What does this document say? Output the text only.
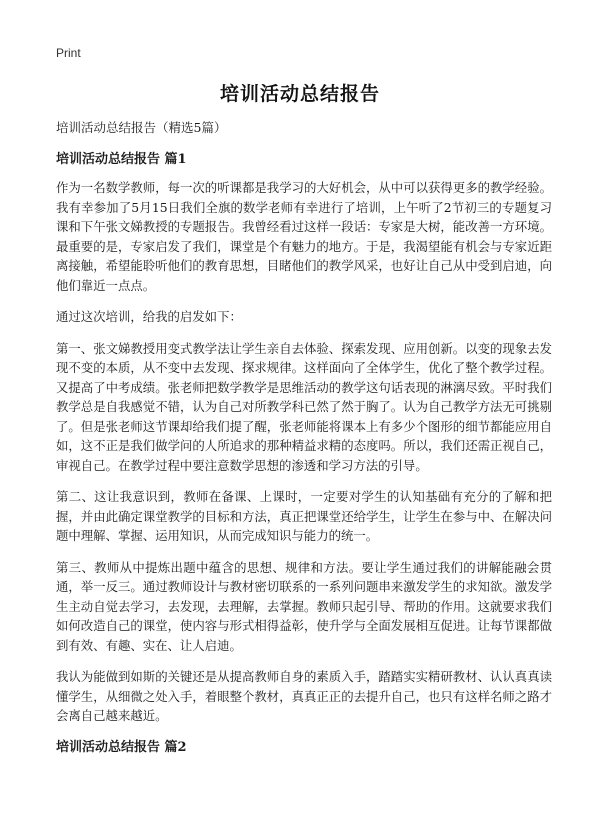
Print
培训活动总结报告

培训活动总结报告（精选5篇）

培训活动总结报告 篇1

作为一名数学教师，每一次的听课都是我学习的大好机会，从中可以获得更多的教学经验。我有幸参加了5月15日我们全旗的数学老师有幸进行了培训，上午听了2节初三的专题复习课和下午张文娣教授的专题报告。我曾经看过这样一段话：专家是大树，能改善一方环境。最重要的是，专家启发了我们，课堂是个有魅力的地方。于是，我渴望能有机会与专家近距离接触，希望能聆听他们的教育思想，目睹他们的教学风采，也好让自己从中受到启迪，向他们靠近一点点。

通过这次培训，给我的启发如下：

第一、张文娣教授用变式教学法让学生亲自去体验、探索发现、应用创新。以变的现象去发现不变的本质，从不变中去发现、探求规律。这样面向了全体学生，优化了整个教学过程。又提高了中考成绩。张老师把数学教学是思维活动的教学这句话表现的淋漓尽致。平时我们教学总是自我感觉不错，认为自己对所教学科已然了然于胸了。认为自己教学方法无可挑剔了。但是张老师这节课却给我们提了醒，张老师能将课本上有多少个图形的细节都能应用自如，这不正是我们做学问的人所追求的那种精益求精的态度吗。所以，我们还需正视自己，审视自己。在教学过程中要注意数学思想的渗透和学习方法的引导。

第二、这让我意识到，教师在备课、上课时，一定要对学生的认知基础有充分的了解和把握，并由此确定课堂教学的目标和方法，真正把课堂还给学生，让学生在参与中、在解决问题中理解、掌握、运用知识，从而完成知识与能力的统一。

第三、教师从中提炼出题中蕴含的思想、规律和方法。要让学生通过我们的讲解能融会贯通，举一反三。通过教师设计与教材密切联系的一系列问题串来激发学生的求知欲。激发学生主动自觉去学习，去发现，去理解，去掌握。教师只起引导、帮助的作用。这就要求我们如何改造自己的课堂，使内容与形式相得益彰，使升学与全面发展相互促进。让每节课都做到有效、有趣、实在、让人启迪。

我认为能做到如斯的关键还是从提高教师自身的素质入手，踏踏实实精研教材、认认真真读懂学生，从细微之处入手，着眼整个教材，真真正正的去提升自己，也只有这样名师之路才会离自己越来越近。

培训活动总结报告 篇2
